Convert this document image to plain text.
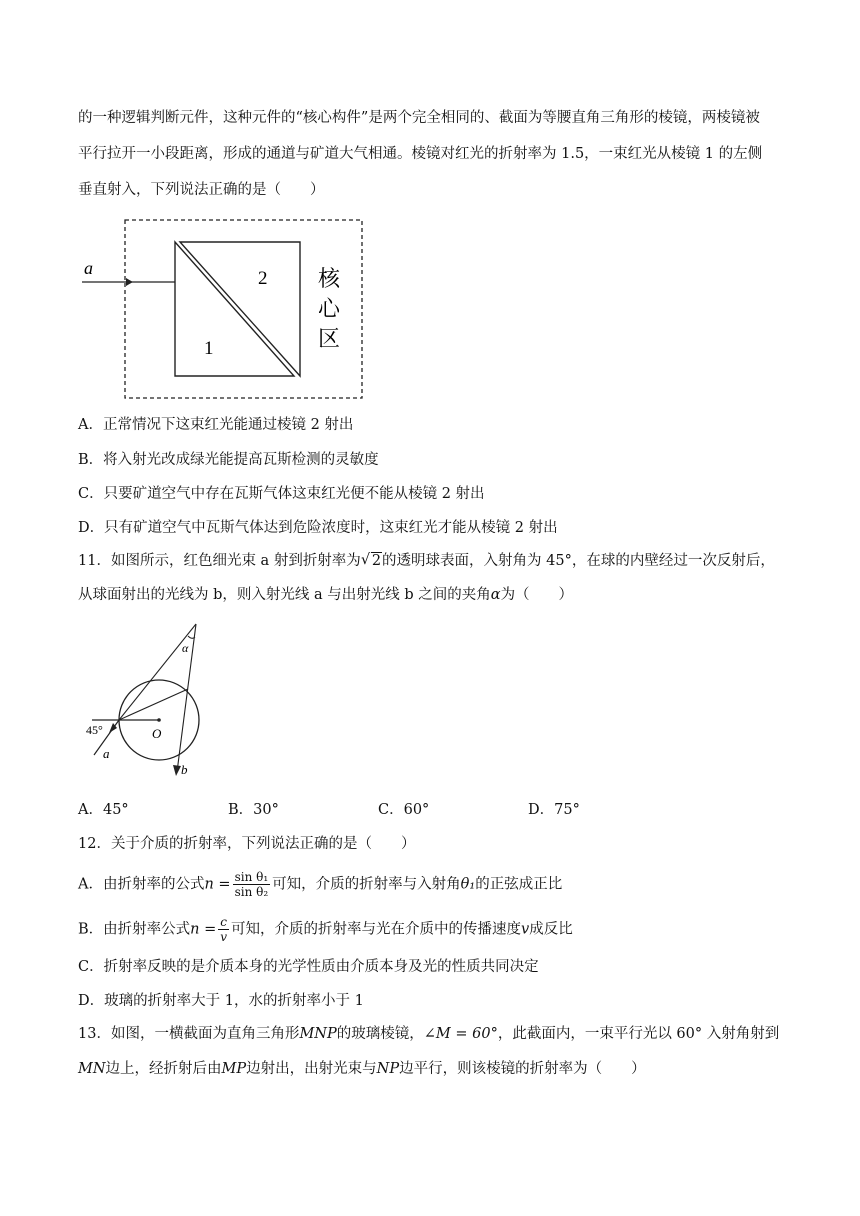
的一种逻辑判断元件，这种元件的“核心构件”是两个完全相同的、截面为等腰直角三角形的棱镜，两棱镜被
平行拉开一小段距离，形成的通道与矿道大气相通。棱镜对红光的折射率为 1.5，一束红光从棱镜 1 的左侧
垂直射入，下列说法正确的是（　　）
a	2
1
核
心
区
A．正常情况下这束红光能通过棱镜 2 射出
B．将入射光改成绿光能提高瓦斯检测的灵敏度
C．只要矿道空气中存在瓦斯气体这束红光便不能从棱镜 2 射出
D．只有矿道空气中瓦斯气体达到危险浓度时，这束红光才能从棱镜 2 射出
11．如图所示，红色细光束 a 射到折射率为√ 2的透明球表面，入射角为 45°，在球的内壁经过一次反射后，
从球面射出的光线为 b，则入射光线 a 与出射光线 b 之间的夹角α为（　　）
α
45°	O
a
b
A．45°	B．30°	C．60°	D．75°
12．关于介质的折射率，下列说法正确的是（　　）
A．由折射率的公式$n = \frac{\text{sin θ₁}}{\text{sin θ₂}}$ 可知，介质的折射率与入射角θ₁的正弦成正比
B．由折射率公式$n = \frac{c}{v}$ 可知，介质的折射率与光在介质中的传播速度v成反比
C．折射率反映的是介质本身的光学性质由介质本身及光的性质共同决定
D．玻璃的折射率大于 1，水的折射率小于 1
13．如图，一横截面为直角三角形MNP的玻璃棱镜，∠M = 60°，此截面内，一束平行光以 60° 入射角射到
MN边上，经折射后由MP边射出，出射光束与NP边平行，则该棱镜的折射率为（　　）
